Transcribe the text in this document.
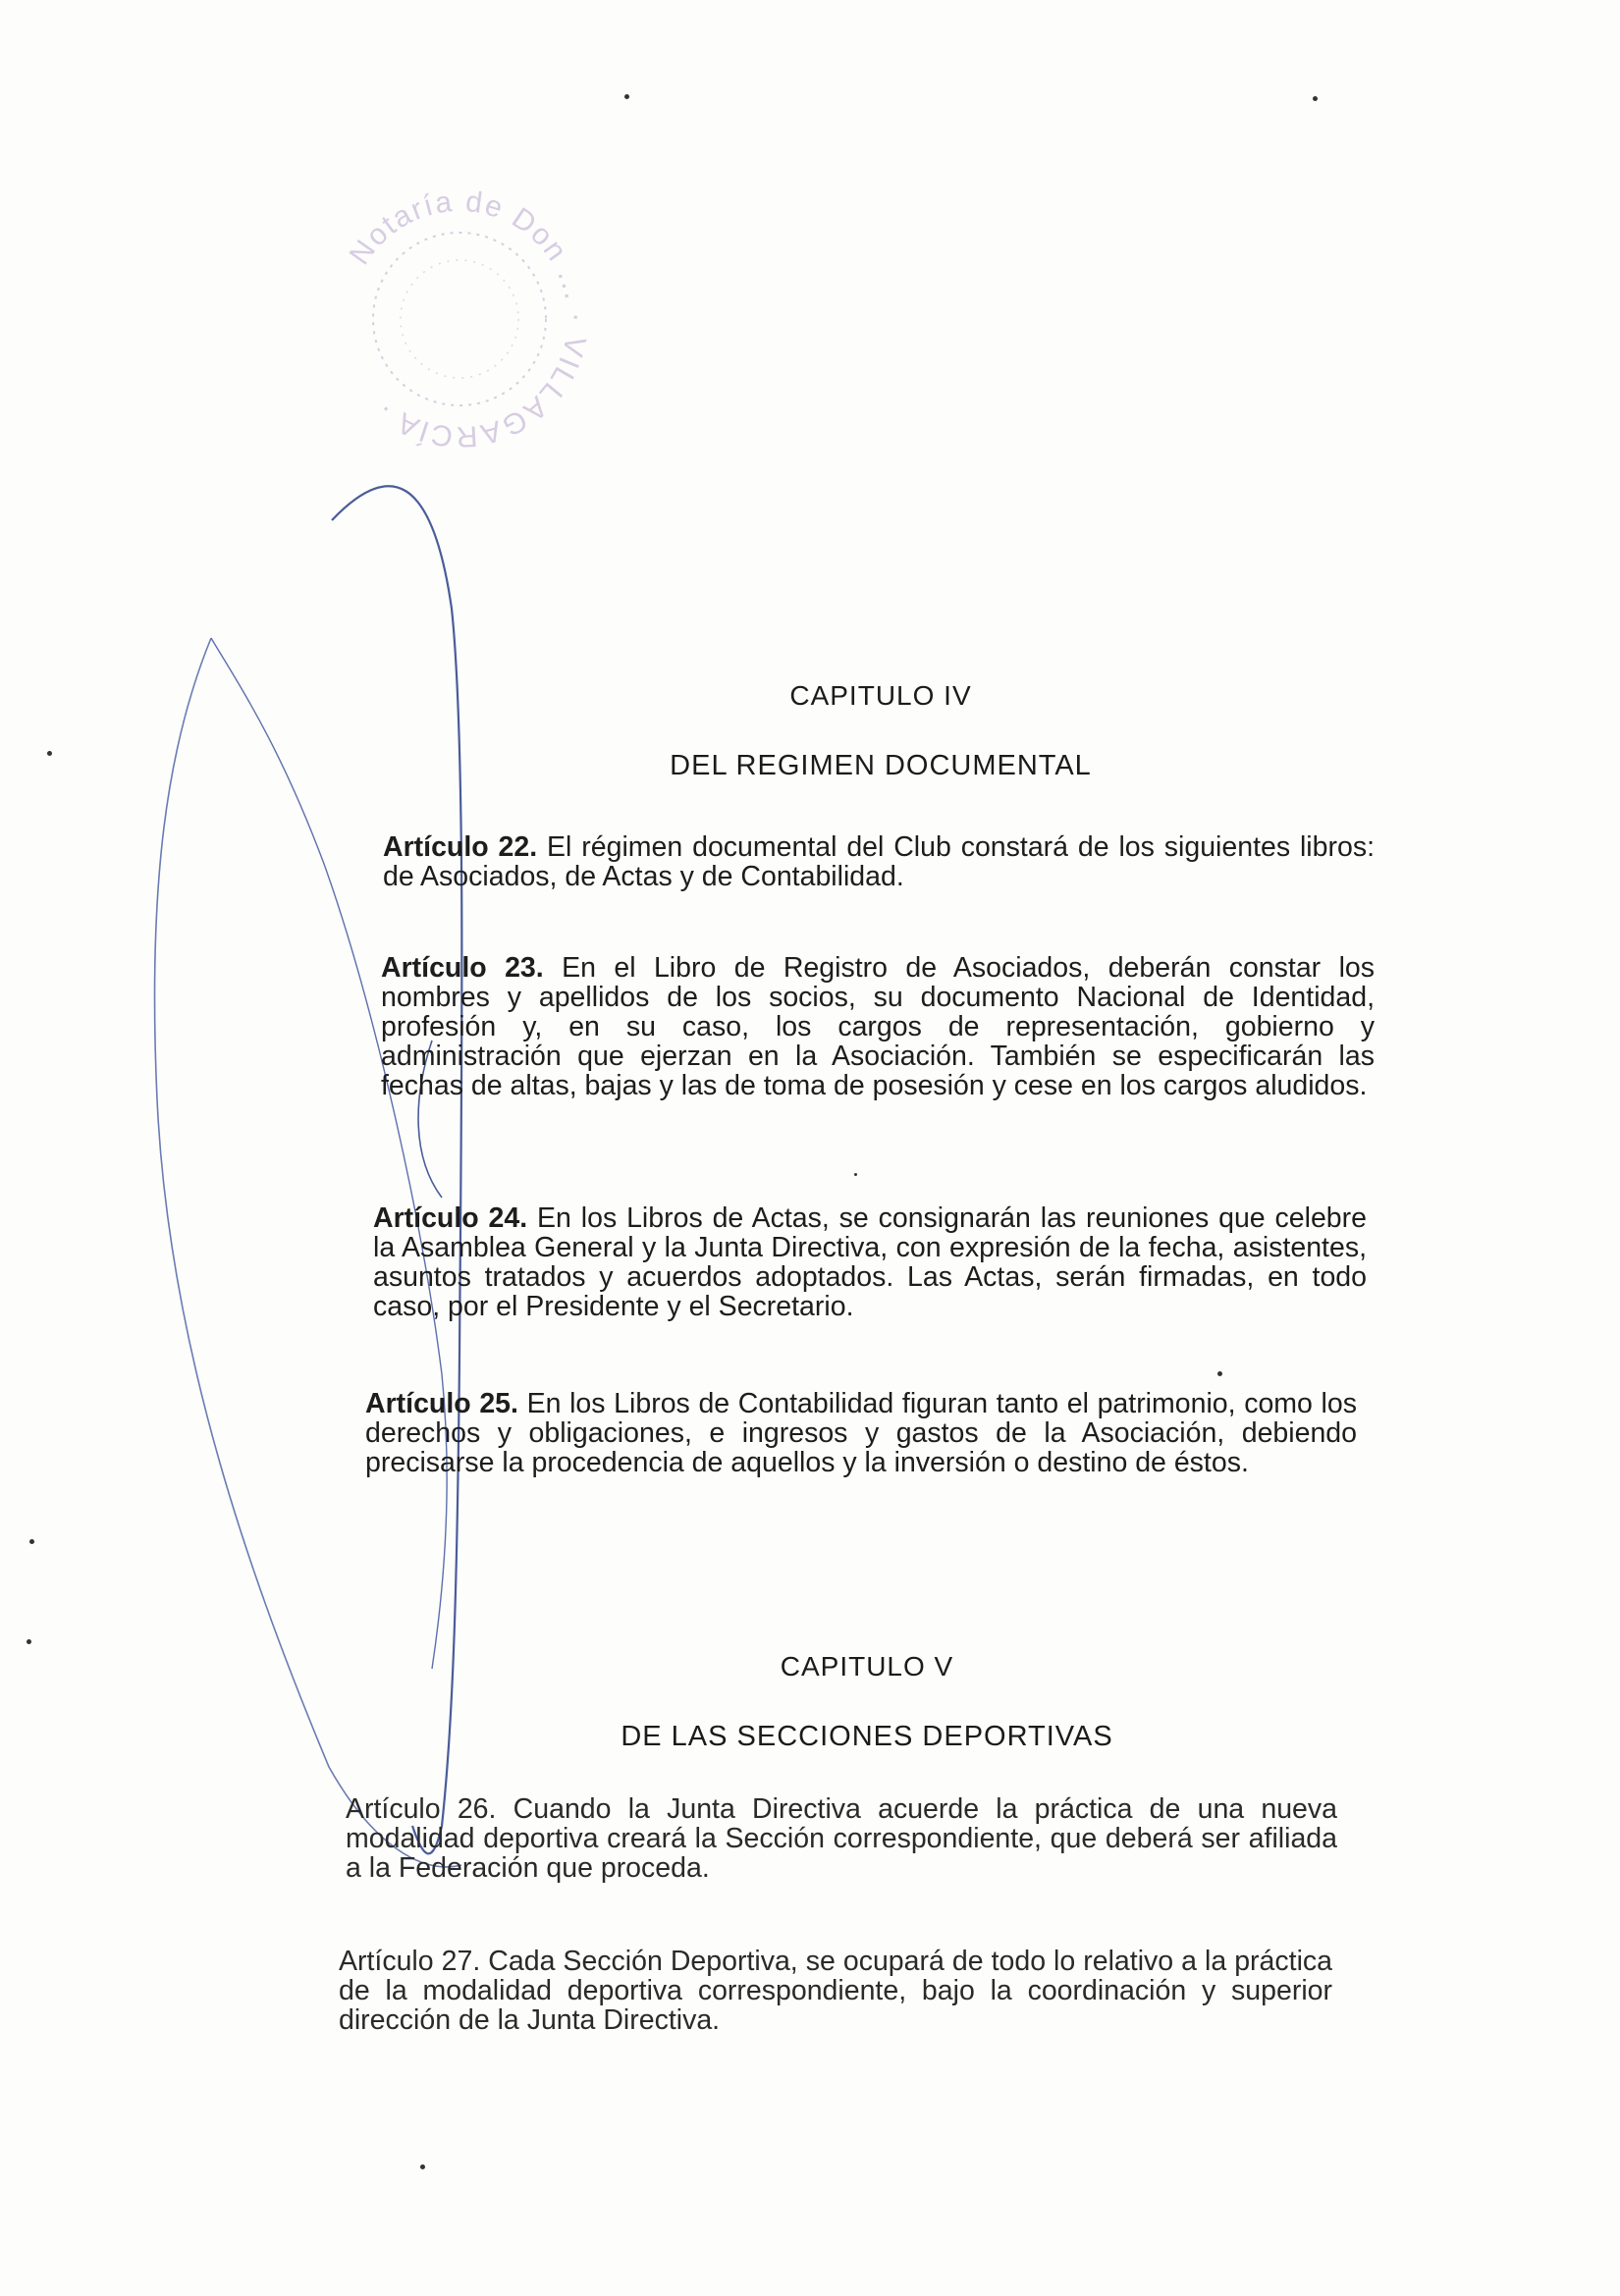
Notaría de Don ... · VILLAGARCÍA ·
CAPITULO IV
DEL REGIMEN DOCUMENTAL
Artículo 22. El régimen documental del Club constará de los siguientes libros: de Asociados, de Actas y de Contabilidad.
Artículo 23. En el Libro de Registro de Asociados, deberán constar los nombres y apellidos de los socios, su documento Nacional de Identidad, profesión y, en su caso, los cargos de representación, gobierno y administración que ejerzan en la Asociación. También se especificarán las fechas de altas, bajas y las de toma de posesión y cese en los cargos aludidos.
Artículo 24. En los Libros de Actas, se consignarán las reuniones que celebre la Asamblea General y la Junta Directiva, con expresión de la fecha, asistentes, asuntos tratados y acuerdos adoptados. Las Actas, serán firmadas, en todo caso, por el Presidente y el Secretario.
Artículo 25. En los Libros de Contabilidad figuran tanto el patrimonio, como los derechos y obligaciones, e ingresos y gastos de la Asociación, debiendo precisarse la procedencia de aquellos y la inversión o destino de éstos.
CAPITULO V
DE LAS SECCIONES DEPORTIVAS
Artículo 26. Cuando la Junta Directiva acuerde la práctica de una nueva modalidad deportiva creará la Sección correspondiente, que deberá ser afiliada a la Federación que proceda.
Artículo 27. Cada Sección Deportiva, se ocupará de todo lo relativo a la práctica de la modalidad deportiva correspondiente, bajo la coordinación y superior dirección de la Junta Directiva.
